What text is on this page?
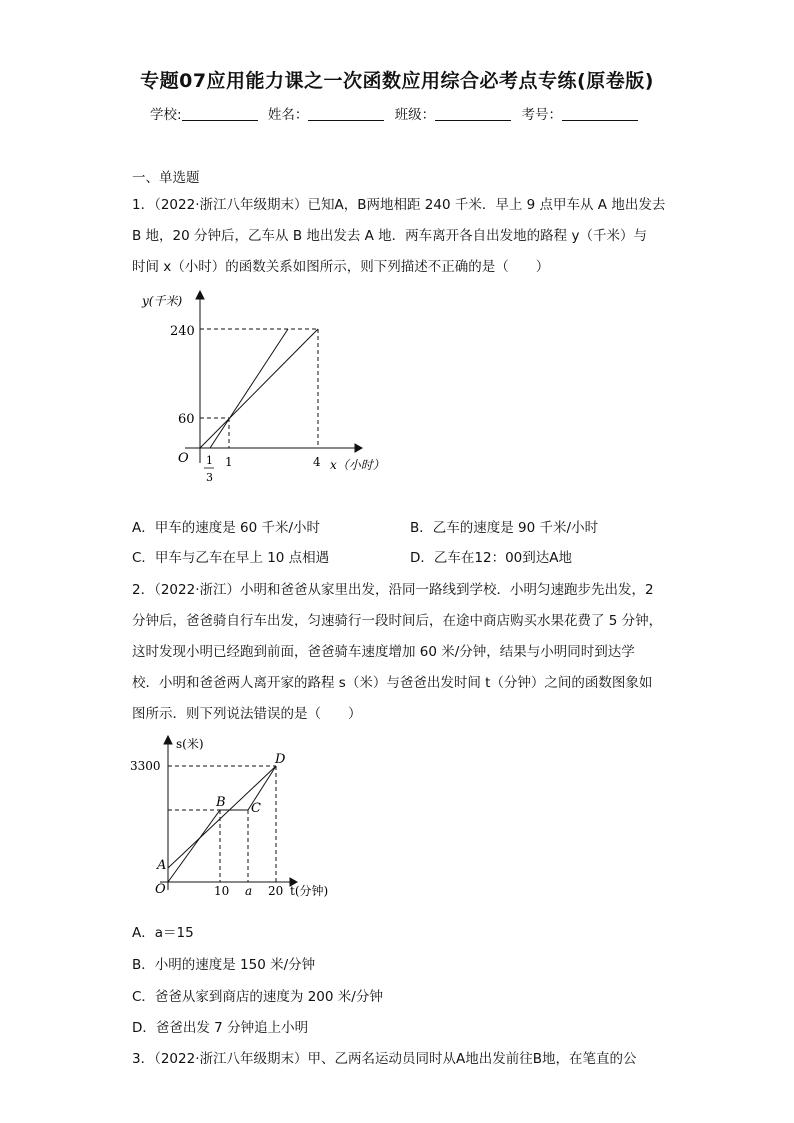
专题07应用能力课之一次函数应用综合必考点专练(原卷版)
学校:	姓名：	班级：	考号：
一、单选题
1．（2022·浙江八年级期末）已知A，B两地相距 240 千米．早上 9 点甲车从 A 地出发去
B 地，20 分钟后，乙车从 B 地出发去 A 地．两车离开各自出发地的路程 y（千米）与
时间 x（小时）的函数关系如图所示，则下列描述不正确的是（　　）
y(千米)
240
60
O 1
3
1	4 x（小时）
A．甲车的速度是 60 千米/小时	B．乙车的速度是 90 千米/小时
C．甲车与乙车在早上 10 点相遇	D．乙车在12：00到达A地
2．（2022·浙江）小明和爸爸从家里出发，沿同一路线到学校．小明匀速跑步先出发，2
分钟后，爸爸骑自行车出发，匀速骑行一段时间后，在途中商店购买水果花费了 5 分钟，
这时发现小明已经跑到前面，爸爸骑车速度增加 60 米/分钟，结果与小明同时到达学
校．小明和爸爸两人离开家的路程 s（米）与爸爸出发时间 t（分钟）之间的函数图象如
图所示．则下列说法错误的是（　　）
s(米)
3300
A
O
B C
D
10 a 20 t(分钟)
A．a＝15
B．小明的速度是 150 米/分钟
C．爸爸从家到商店的速度为 200 米/分钟
D．爸爸出发 7 分钟追上小明
3．（2022·浙江八年级期末）甲、乙两名运动员同时从A地出发前往B地，在笔直的公
